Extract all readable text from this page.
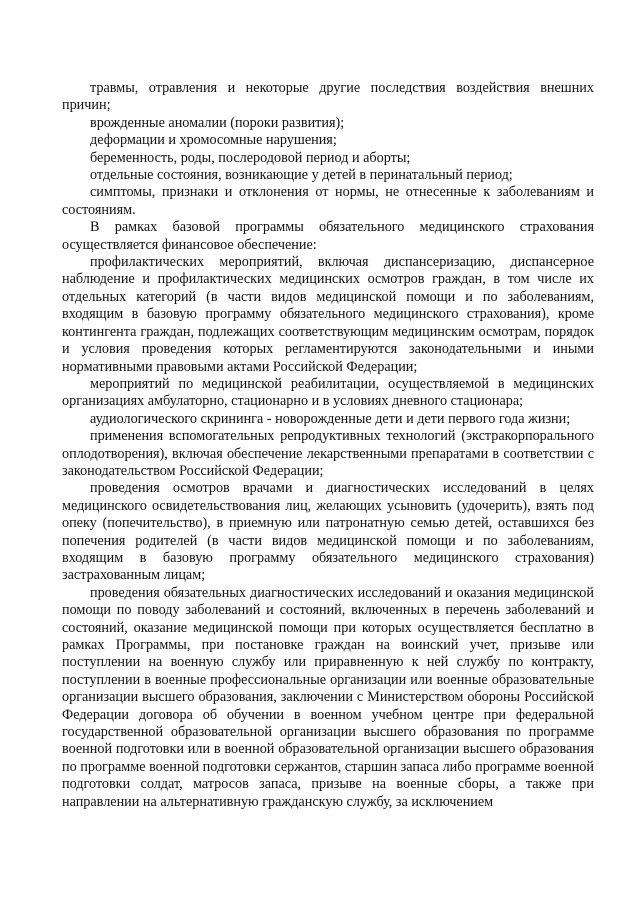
травмы, отравления и некоторые другие последствия воздействия внешних причин;

врожденные аномалии (пороки развития);

деформации и хромосомные нарушения;

беременность, роды, послеродовой период и аборты;

отдельные состояния, возникающие у детей в перинатальный период;

симптомы, признаки и отклонения от нормы, не отнесенные к заболеваниям и состояниям.

В рамках базовой программы обязательного медицинского страхования осуществляется финансовое обеспечение:

профилактических мероприятий, включая диспансеризацию, диспансерное наблюдение и профилактических медицинских осмотров граждан, в том числе их отдельных категорий (в части видов медицинской помощи и по заболеваниям, входящим в базовую программу обязательного медицинского страхования), кроме контингента граждан, подлежащих соответствующим медицинским осмотрам, порядок и условия проведения которых регламентируются законодательными и иными нормативными правовыми актами Российской Федерации;

мероприятий по медицинской реабилитации, осуществляемой в медицинских организациях амбулаторно, стационарно и в условиях дневного стационара;

аудиологического скрининга - новорожденные дети и дети первого года жизни;

применения вспомогательных репродуктивных технологий (экстракорпорального оплодотворения), включая обеспечение лекарственными препаратами в соответствии с законодательством Российской Федерации;

проведения осмотров врачами и диагностических исследований в целях медицинского освидетельствования лиц, желающих усыновить (удочерить), взять под опеку (попечительство), в приемную или патронатную семью детей, оставшихся без попечения родителей (в части видов медицинской помощи и по заболеваниям, входящим в базовую программу обязательного медицинского страхования) застрахованным лицам;

проведения обязательных диагностических исследований и оказания медицинской помощи по поводу заболеваний и состояний, включенных в перечень заболеваний и состояний, оказание медицинской помощи при которых осуществляется бесплатно в рамках Программы, при постановке граждан на воинский учет, призыве или поступлении на военную службу или приравненную к ней службу по контракту, поступлении в военные профессиональные организации или военные образовательные организации высшего образования, заключении с Министерством обороны Российской Федерации договора об обучении в военном учебном центре при федеральной государственной образовательной организации высшего образования по программе военной подготовки или в военной образовательной организации высшего образования по программе военной подготовки сержантов, старшин запаса либо программе военной подготовки солдат, матросов запаса, призыве на военные сборы, а также при направлении на альтернативную гражданскую службу, за исключением
